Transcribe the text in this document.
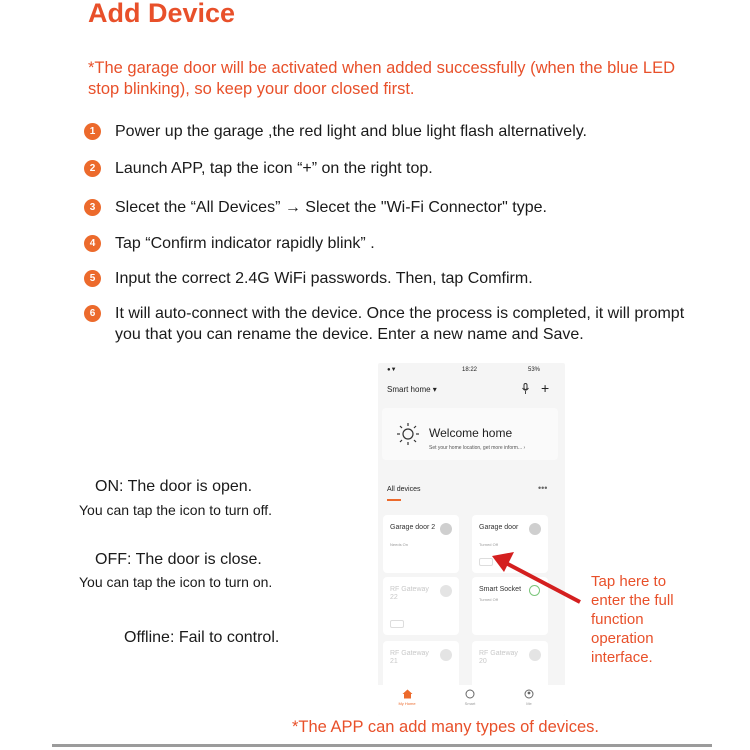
Add Device
*The garage door will be activated when added successfully (when the blue LED stop blinking), so keep your door closed first.
1	Power up the garage ,the red light and blue light flash alternatively.
2	Launch APP, tap the icon “+” on the right top.
3	Slecet the “All Devices” → Slecet the "Wi-Fi Connector" type.
4	Tap “Confirm indicator rapidly blink” .
5	Input the correct 2.4G WiFi passwords. Then, tap Comfirm.
6	It will auto-connect with the device. Once the process is completed, it will prompt you that you can rename the device. Enter a new name and Save.
ON: The door is open.
You can tap the icon to turn off.
OFF: The door is close.
You can tap the icon to turn on.
Offline: Fail to control.
●▼	18:22	53%
Smart home ▾	+
Welcome home
Set your home location, get more inform... ›
All devices	•••
Garage door 2
Needs On
Garage door
Turned Off
RF Gateway 22
Smart Socket
Turned Off
RF Gateway 21
RF Gateway 20
My Home	Smart	Me
Tap here to
enter the full
function
operation
interface.
*The APP can add many types of devices.
